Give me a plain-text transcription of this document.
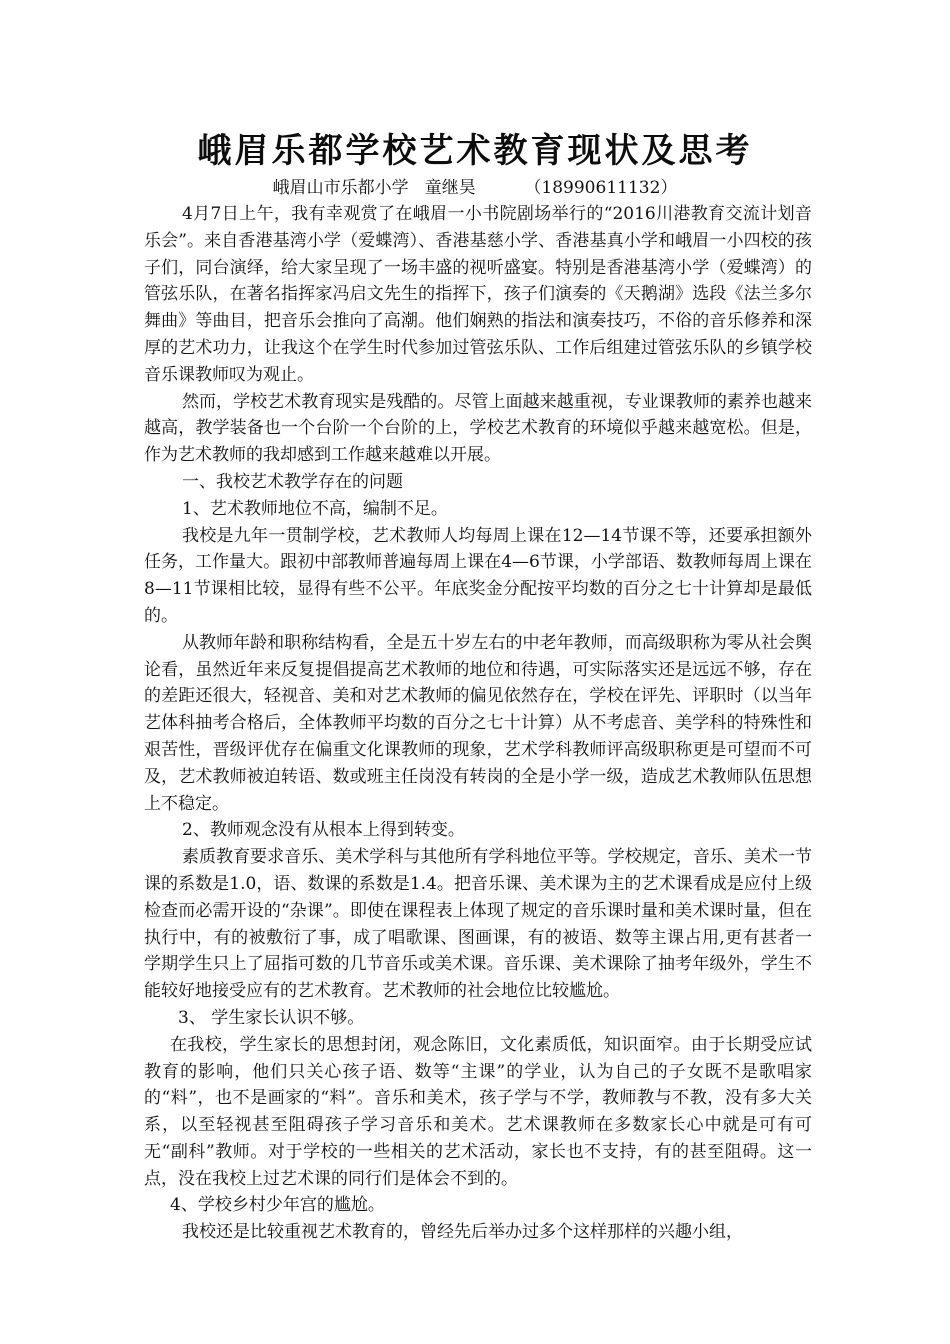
峨眉乐都学校艺术教育现状及思考
峨眉山市乐都小学   童继昊         （18990611132）

4月7日上午，我有幸观赏了在峨眉一小书院剧场举行的“2016川港教育交流计划音乐会”。来自香港基湾小学（爱蝶湾）、香港基慈小学、香港基真小学和峨眉一小四校的孩子们，同台演绎，给大家呈现了一场丰盛的视听盛宴。特别是香港基湾小学（爱蝶湾）的管弦乐队，在著名指挥家冯启文先生的指挥下，孩子们演奏的《天鹅湖》选段《法兰多尔舞曲》等曲目，把音乐会推向了高潮。他们娴熟的指法和演奏技巧，不俗的音乐修养和深厚的艺术功力，让我这个在学生时代参加过管弦乐队、工作后组建过管弦乐队的乡镇学校音乐课教师叹为观止。

然而，学校艺术教育现实是残酷的。尽管上面越来越重视，专业课教师的素养也越来越高，教学装备也一个台阶一个台阶的上，学校艺术教育的环境似乎越来越宽松。但是，作为艺术教师的我却感到工作越来越难以开展。

一、我校艺术教学存在的问题

1、艺术教师地位不高，编制不足。

我校是九年一贯制学校，艺术教师人均每周上课在12—14节课不等，还要承担额外任务，工作量大。跟初中部教师普遍每周上课在4—6节课，小学部语、数教师每周上课在8—11节课相比较，显得有些不公平。年底奖金分配按平均数的百分之七十计算却是最低的。

从教师年龄和职称结构看，全是五十岁左右的中老年教师，而高级职称为零从社会舆论看，虽然近年来反复提倡提高艺术教师的地位和待遇，可实际落实还是远远不够，存在的差距还很大，轻视音、美和对艺术教师的偏见依然存在，学校在评先、评职时（以当年艺体科抽考合格后，全体教师平均数的百分之七十计算）从不考虑音、美学科的特殊性和艰苦性，晋级评优存在偏重文化课教师的现象，艺术学科教师评高级职称更是可望而不可及，艺术教师被迫转语、数或班主任岗没有转岗的全是小学一级，造成艺术教师队伍思想上不稳定。

2、教师观念没有从根本上得到转变。

素质教育要求音乐、美术学科与其他所有学科地位平等。学校规定，音乐、美术一节课的系数是1.0，语、数课的系数是1.4。把音乐课、美术课为主的艺术课看成是应付上级检查而必需开设的“杂课”。即使在课程表上体现了规定的音乐课时量和美术课时量，但在执行中，有的被敷衍了事，成了唱歌课、图画课，有的被语、数等主课占用,更有甚者一学期学生只上了屈指可数的几节音乐或美术课。音乐课、美术课除了抽考年级外，学生不能较好地接受应有的艺术教育。艺术教师的社会地位比较尴尬。

3、 学生家长认识不够。

在我校，学生家长的思想封闭，观念陈旧，文化素质低，知识面窄。由于长期受应试教育的影响，他们只关心孩子语、数等“主课”的学业，认为自己的子女既不是歌唱家的“料”，也不是画家的“料”。音乐和美术，孩子学与不学，教师教与不教，没有多大关系，以至轻视甚至阻碍孩子学习音乐和美术。艺术课教师在多数家长心中就是可有可无“副科”教师。对于学校的一些相关的艺术活动，家长也不支持，有的甚至阻碍。这一点，没在我校上过艺术课的同行们是体会不到的。

4、学校乡村少年宫的尴尬。

我校还是比较重视艺术教育的，曾经先后举办过多个这样那样的兴趣小组，
